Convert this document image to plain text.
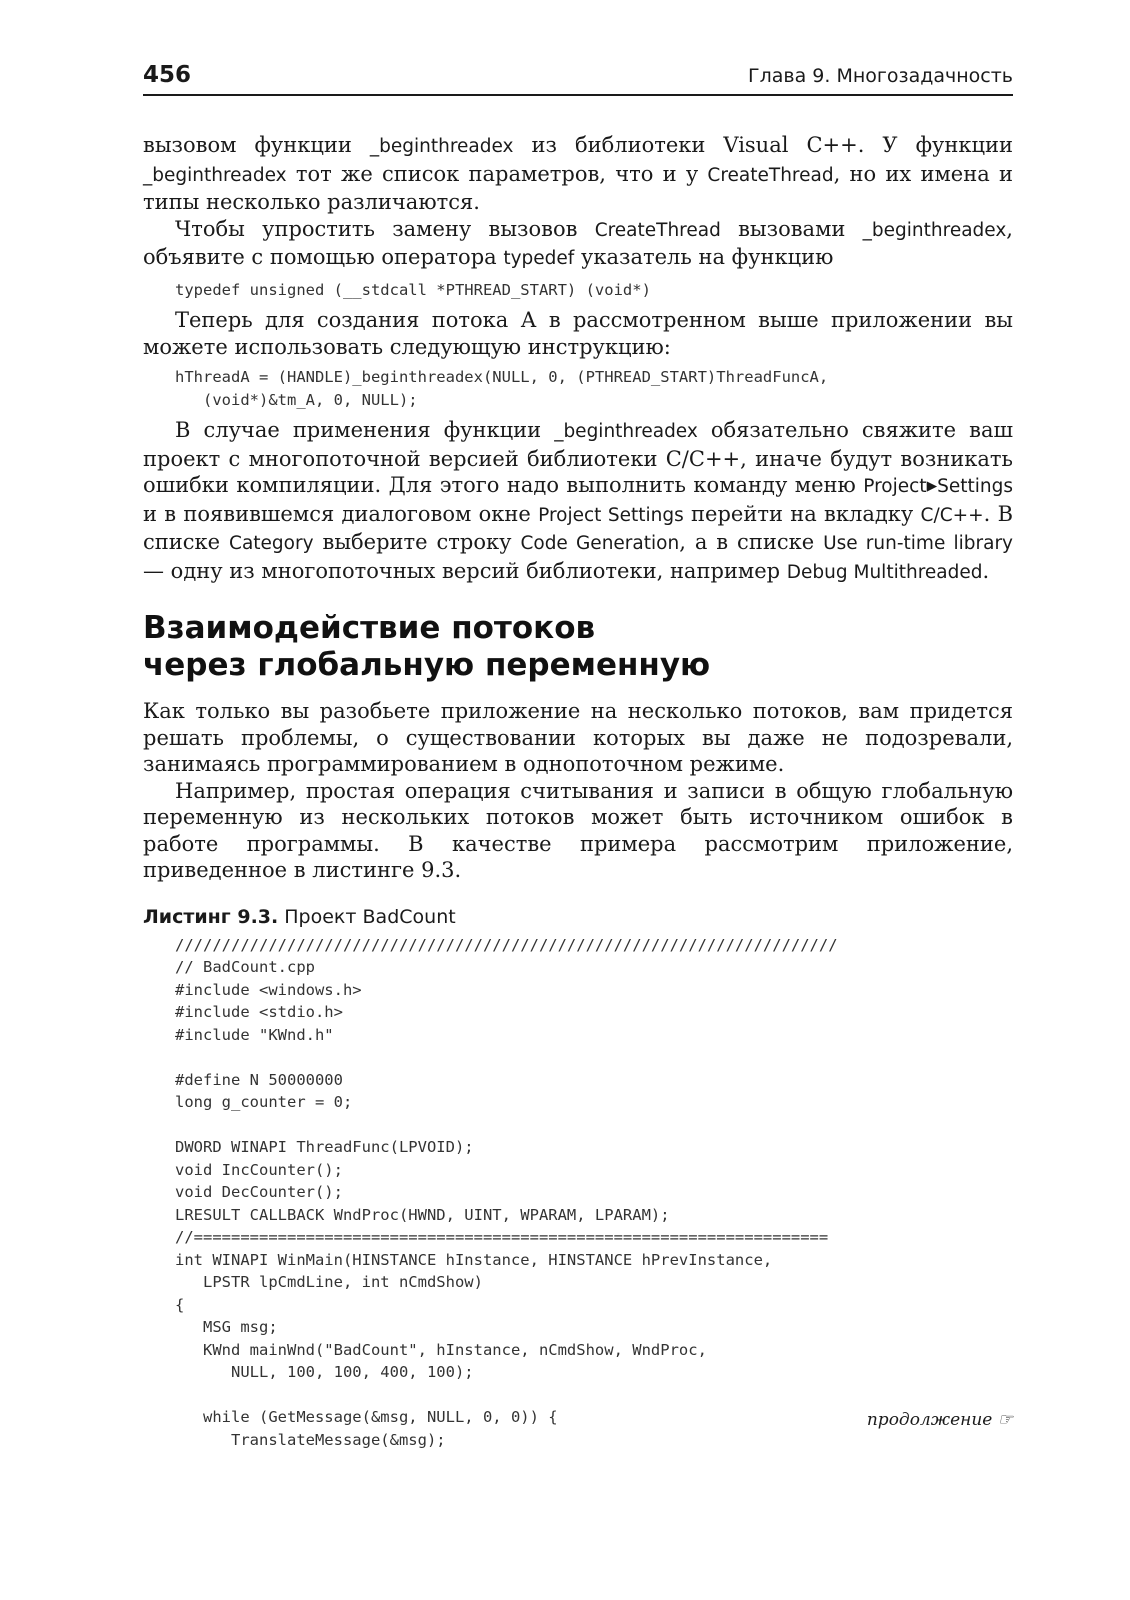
456	Глава 9. Многозадачность

вызовом функции _beginthreadex из библиотеки Visual C++. У функции _beginthreadex тот же список параметров, что и у CreateThread, но их имена и типы несколько различаются.

Чтобы упростить замену вызовов CreateThread вызовами _beginthreadex, объявите с помощью оператора typedef указатель на функцию

typedef unsigned (__stdcall *PTHREAD_START) (void*)

Теперь для создания потока А в рассмотренном выше приложении вы можете использовать следующую инструкцию:

hThreadA = (HANDLE)_beginthreadex(NULL, 0, (PTHREAD_START)ThreadFuncA,
(void*)&tm_A, 0, NULL);

В случае применения функции _beginthreadex обязательно свяжите ваш проект с многопоточной версией библиотеки C/C++, иначе будут возникать ошибки компиляции. Для этого надо выполнить команду меню Project▸Settings и в появившемся диалоговом окне Project Settings перейти на вкладку C/C++. В списке Category выберите строку Code Generation, а в списке Use run-time library — одну из многопоточных версий библиотеки, например Debug Multithreaded.

Взаимодействие потоков
через глобальную переменную

Как только вы разобьете приложение на несколько потоков, вам придется решать проблемы, о существовании которых вы даже не подозревали, занимаясь программированием в однопоточном режиме.

Например, простая операция считывания и записи в общую глобальную переменную из нескольких потоков может быть источником ошибок в работе программы. В качестве примера рассмотрим приложение, приведенное в листинге 9.3.

Листинг 9.3. Проект BadCount
///////////////////////////////////////////////////////////////////////
// BadCount.cpp
#include <windows.h>
#include <stdio.h>
#include "KWnd.h"

#define N 50000000
long g_counter = 0;

DWORD WINAPI ThreadFunc(LPVOID);
void IncCounter();
void DecCounter();
LRESULT CALLBACK WndProc(HWND, UINT, WPARAM, LPARAM);
//====================================================================
int WINAPI WinMain(HINSTANCE hInstance, HINSTANCE hPrevInstance,
LPSTR lpCmdLine, int nCmdShow)
{
MSG msg;
KWnd mainWnd("BadCount", hInstance, nCmdShow, WndProc,
NULL, 100, 100, 400, 100);

while (GetMessage(&msg, NULL, 0, 0)) {
TranslateMessage(&msg);
продолжение ☞
